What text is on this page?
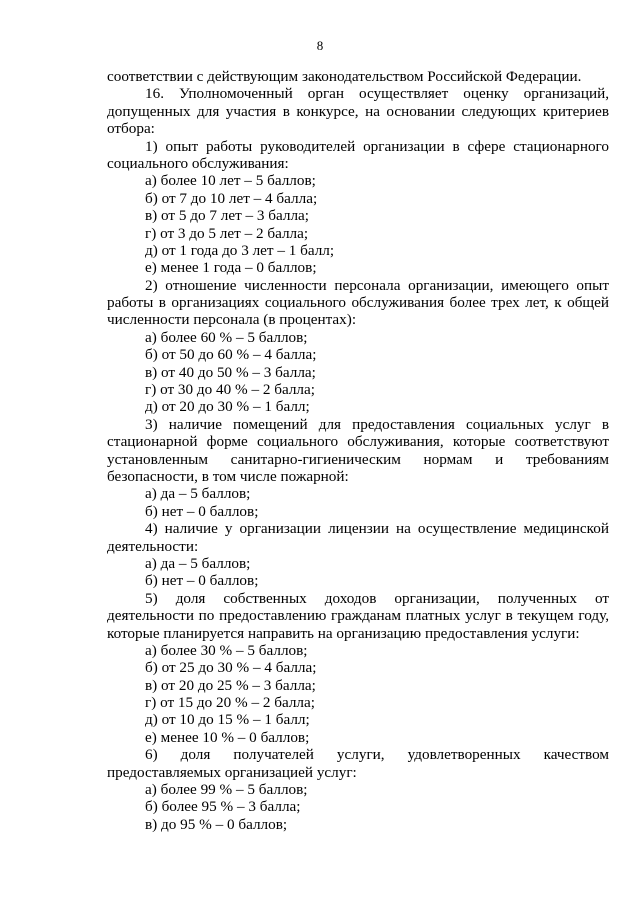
8
соответствии с действующим законодательством Российской Федерации.
16. Уполномоченный орган осуществляет оценку организаций,
допущенных для участия в конкурсе, на основании следующих критериев
отбора:
1) опыт работы руководителей организации в сфере стационарного
социального обслуживания:
а) более 10 лет – 5 баллов;
б) от 7 до 10 лет – 4 балла;
в) от 5 до 7 лет – 3 балла;
г) от 3 до 5 лет – 2 балла;
д) от 1 года до 3 лет – 1 балл;
е) менее 1 года – 0 баллов;
2) отношение численности персонала организации, имеющего опыт
работы в организациях социального обслуживания более трех лет, к общей
численности персонала (в процентах):
а) более 60 % – 5 баллов;
б) от 50 до 60 % – 4 балла;
в) от 40 до 50 % – 3 балла;
г) от 30 до 40 % – 2 балла;
д) от 20 до 30 % – 1 балл;
3) наличие помещений для предоставления социальных услуг в
стационарной форме социального обслуживания, которые соответствуют
установленным санитарно-гигиеническим нормам и требованиям
безопасности, в том числе пожарной:
а) да – 5 баллов;
б) нет – 0 баллов;
4) наличие у организации лицензии на осуществление медицинской
деятельности:
а) да – 5 баллов;
б) нет – 0 баллов;
5) доля собственных доходов организации, полученных от
деятельности по предоставлению гражданам платных услуг в текущем году,
которые планируется направить на организацию предоставления услуги:
а) более 30 % – 5 баллов;
б) от 25 до 30 % – 4 балла;
в) от 20 до 25 % – 3 балла;
г) от 15 до 20 % – 2 балла;
д) от 10 до 15 % – 1 балл;
е) менее 10 % – 0 баллов;
6) доля получателей услуги, удовлетворенных качеством
предоставляемых организацией услуг:
а) более 99 % – 5 баллов;
б) более 95 % – 3 балла;
в) до 95 % – 0 баллов;
